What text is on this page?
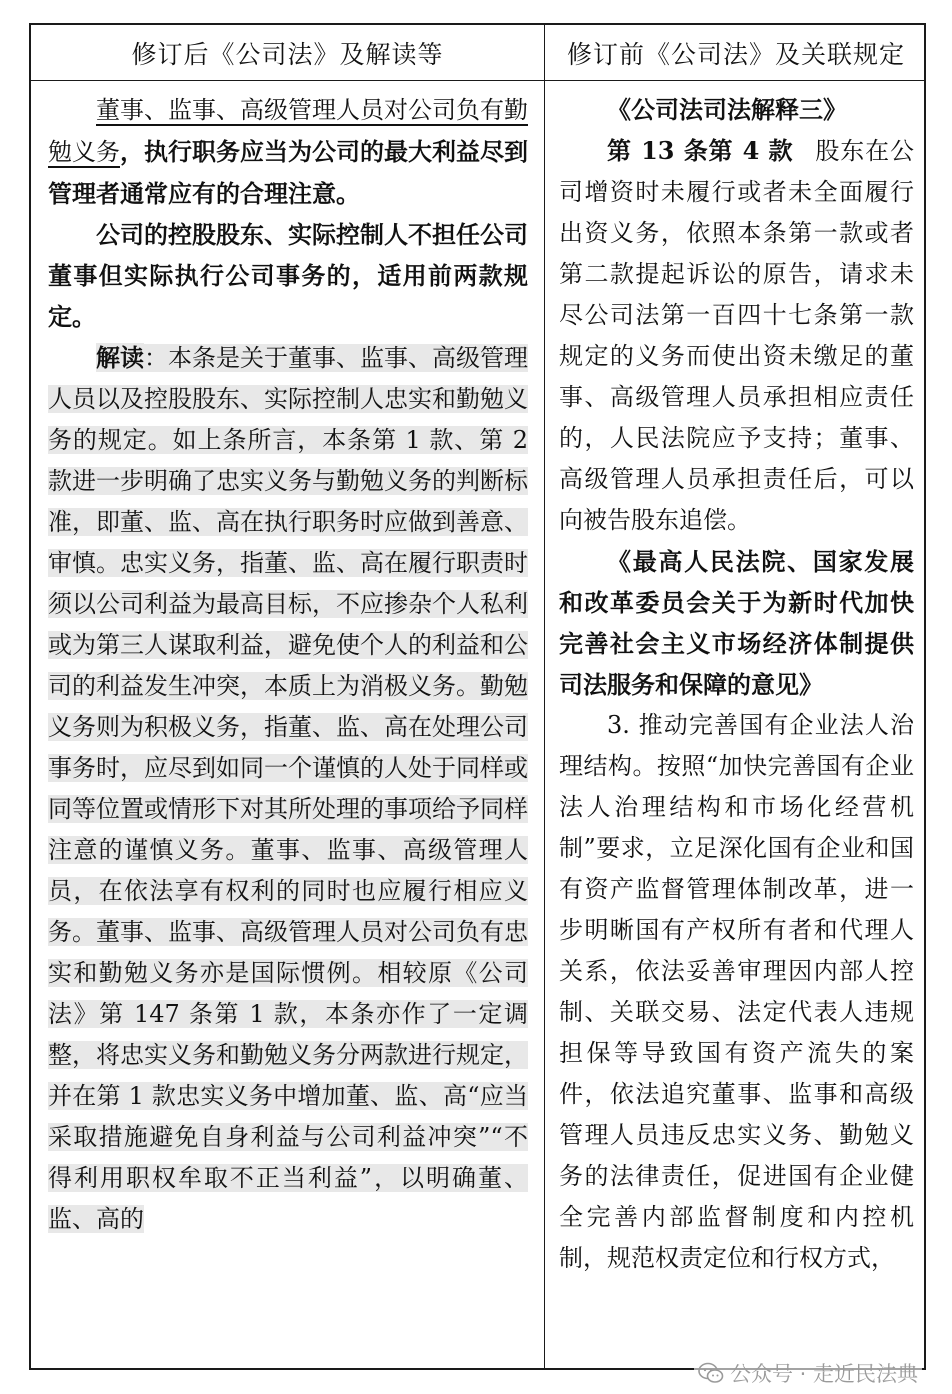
修订后《公司法》及解读等	修订前《公司法》及关联规定

董事、监事、高级管理人员对公司负有勤勉义务，执行职务应当为公司的最大利益尽到管理者通常应有的合理注意。

公司的控股股东、实际控制人不担任公司董事但实际执行公司事务的，适用前两款规定。

解读：本条是关于董事、监事、高级管理人员以及控股股东、实际控制人忠实和勤勉义务的规定。如上条所言，本条第 1 款、第 2 款进一步明确了忠实义务与勤勉义务的判断标准，即董、监、高在执行职务时应做到善意、审慎。忠实义务，指董、监、高在履行职责时须以公司利益为最高目标，不应掺杂个人私利或为第三人谋取利益，避免使个人的利益和公司的利益发生冲突，本质上为消极义务。勤勉义务则为积极义务，指董、监、高在处理公司事务时，应尽到如同一个谨慎的人处于同样或同等位置或情形下对其所处理的事项给予同样注意的谨慎义务。董事、监事、高级管理人员，在依法享有权利的同时也应履行相应义务。董事、监事、高级管理人员对公司负有忠实和勤勉义务亦是国际惯例。相较原《公司法》第 147 条第 1 款，本条亦作了一定调整，将忠实义务和勤勉义务分两款进行规定，并在第 1 款忠实义务中增加董、监、高“应当采取措施避免自身利益与公司利益冲突”“不得利用职权牟取不正当利益”，以明确董、监、高的

《公司法司法解释三》

第 13 条第 4 款 股东在公司增资时未履行或者未全面履行出资义务，依照本条第一款或者第二款提起诉讼的原告，请求未尽公司法第一百四十七条第一款规定的义务而使出资未缴足的董事、高级管理人员承担相应责任的，人民法院应予支持；董事、高级管理人员承担责任后，可以向被告股东追偿。

《最高人民法院、国家发展和改革委员会关于为新时代加快完善社会主义市场经济体制提供司法服务和保障的意见》

3. 推动完善国有企业法人治理结构。按照“加快完善国有企业法人治理结构和市场化经营机制”要求，立足深化国有企业和国有资产监督管理体制改革，进一步明晰国有产权所有者和代理人关系，依法妥善审理因内部人控制、关联交易、法定代表人违规担保等导致国有资产流失的案件，依法追究董事、监事和高级管理人员违反忠实义务、勤勉义务的法律责任，促进国有企业健全完善内部监督制度和内控机制，规范权责定位和行权方式，

公众号 · 走近民法典
